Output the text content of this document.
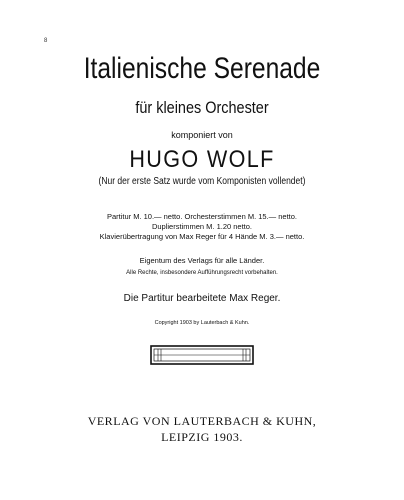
8
Italienische Serenade
für kleines Orchester
komponiert von
HUGO WOLF
(Nur der erste Satz wurde vom Komponisten vollendet)
Partitur M. 10.— netto. Orchesterstimmen M. 15.— netto.
Duplierstimmen M. 1.20 netto.
Klavierübertragung von Max Reger für 4 Hände M. 3.— netto.
Eigentum des Verlags für alle Länder.
Alle Rechte, insbesondere Aufführungsrecht vorbehalten.
Die Partitur bearbeitete Max Reger.
Copyright 1903 by Lauterbach & Kuhn.
VERLAG VON LAUTERBACH & KUHN,
LEIPZIG 1903.
